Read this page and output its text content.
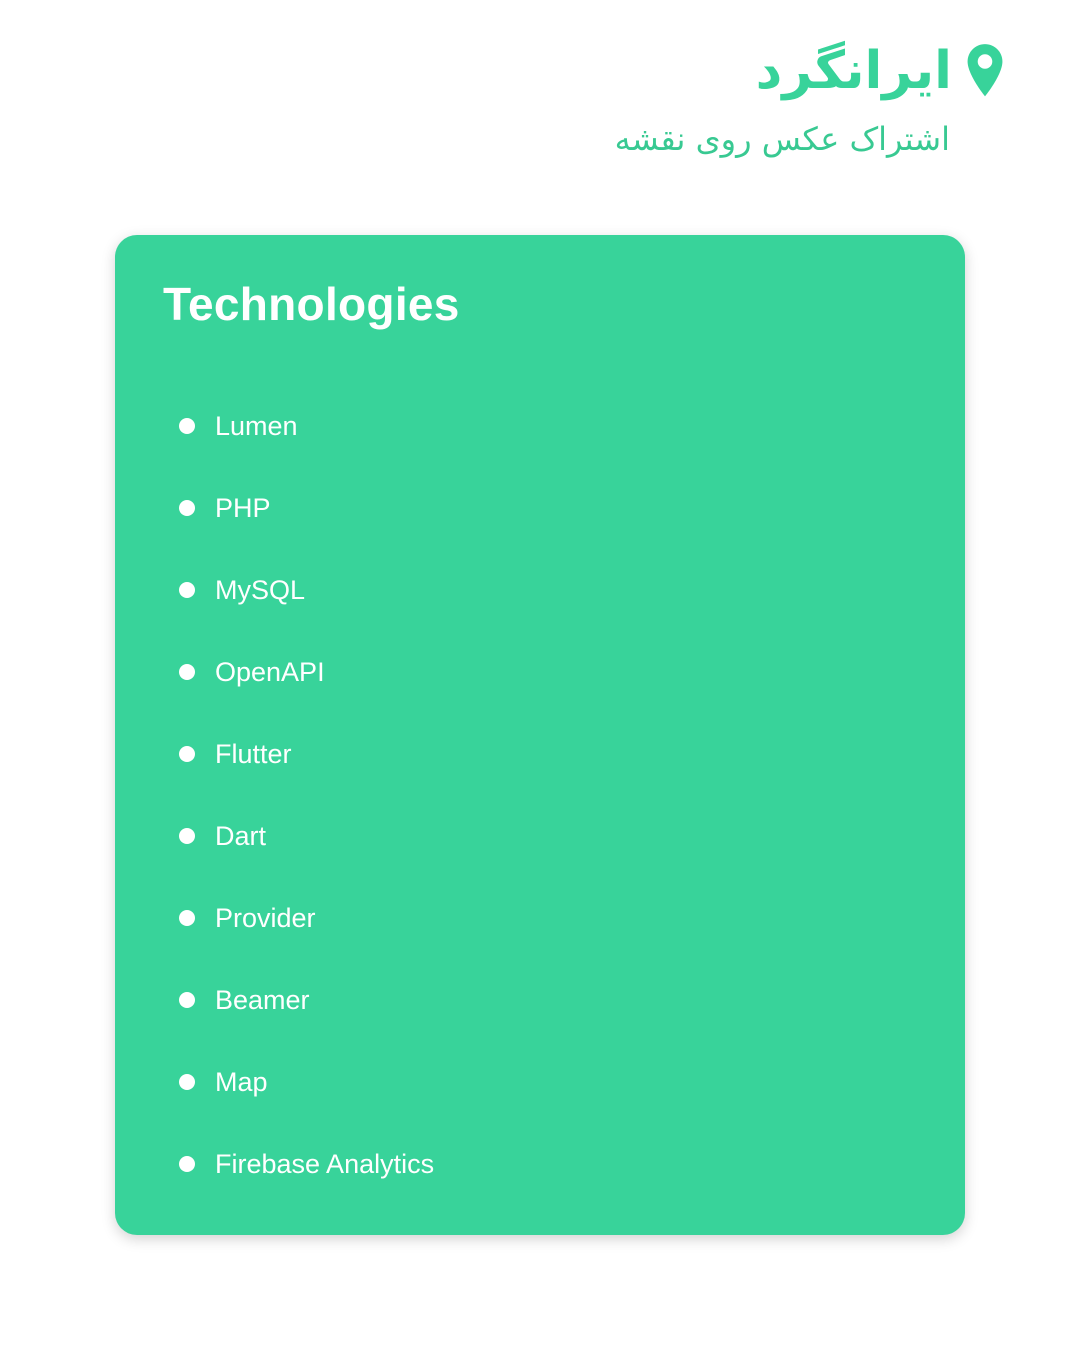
ایرانگرد
اشتراک عکس روی نقشه
Technologies
Lumen
PHP
MySQL
OpenAPI
Flutter
Dart
Provider
Beamer
Map
Firebase Analytics
